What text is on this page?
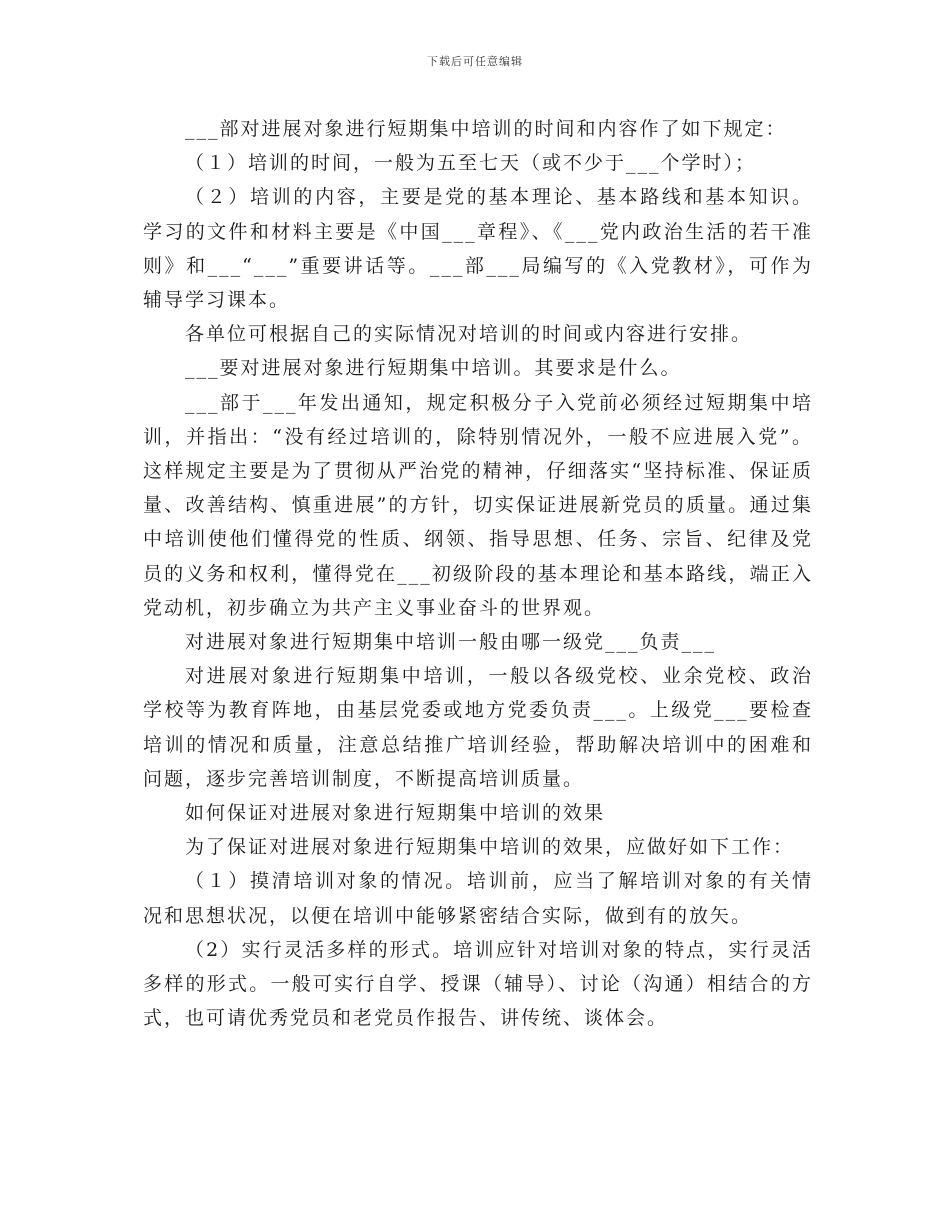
下载后可任意编辑

___部对进展对象进行短期集中培训的时间和内容作了如下规定：

（１）培训的时间，一般为五至七天（或不少于___个学时）；

（２）培训的内容，主要是党的基本理论、基本路线和基本知识。学习的文件和材料主要是《中国___章程》、《___党内政治生活的若干准则》和___“___”重要讲话等。___部___局编写的《入党教材》，可作为辅导学习课本。

各单位可根据自己的实际情况对培训的时间或内容进行安排。

___要对进展对象进行短期集中培训。其要求是什么。

___部于___年发出通知，规定积极分子入党前必须经过短期集中培训，并指出：“没有经过培训的，除特别情况外，一般不应进展入党”。这样规定主要是为了贯彻从严治党的精神，仔细落实“坚持标准、保证质量、改善结构、慎重进展”的方针，切实保证进展新党员的质量。通过集中培训使他们懂得党的性质、纲领、指导思想、任务、宗旨、纪律及党员的义务和权利，懂得党在___初级阶段的基本理论和基本路线，端正入党动机，初步确立为共产主义事业奋斗的世界观。

对进展对象进行短期集中培训一般由哪一级党___负责___

对进展对象进行短期集中培训，一般以各级党校、业余党校、政治学校等为教育阵地，由基层党委或地方党委负责___。上级党___要检查培训的情况和质量，注意总结推广培训经验，帮助解决培训中的困难和问题，逐步完善培训制度，不断提高培训质量。

如何保证对进展对象进行短期集中培训的效果

为了保证对进展对象进行短期集中培训的效果，应做好如下工作：

（１）摸清培训对象的情况。培训前，应当了解培训对象的有关情况和思想状况，以便在培训中能够紧密结合实际，做到有的放矢。

（2）实行灵活多样的形式。培训应针对培训对象的特点，实行灵活多样的形式。一般可实行自学、授课（辅导）、讨论（沟通）相结合的方式，也可请优秀党员和老党员作报告、讲传统、谈体会。
